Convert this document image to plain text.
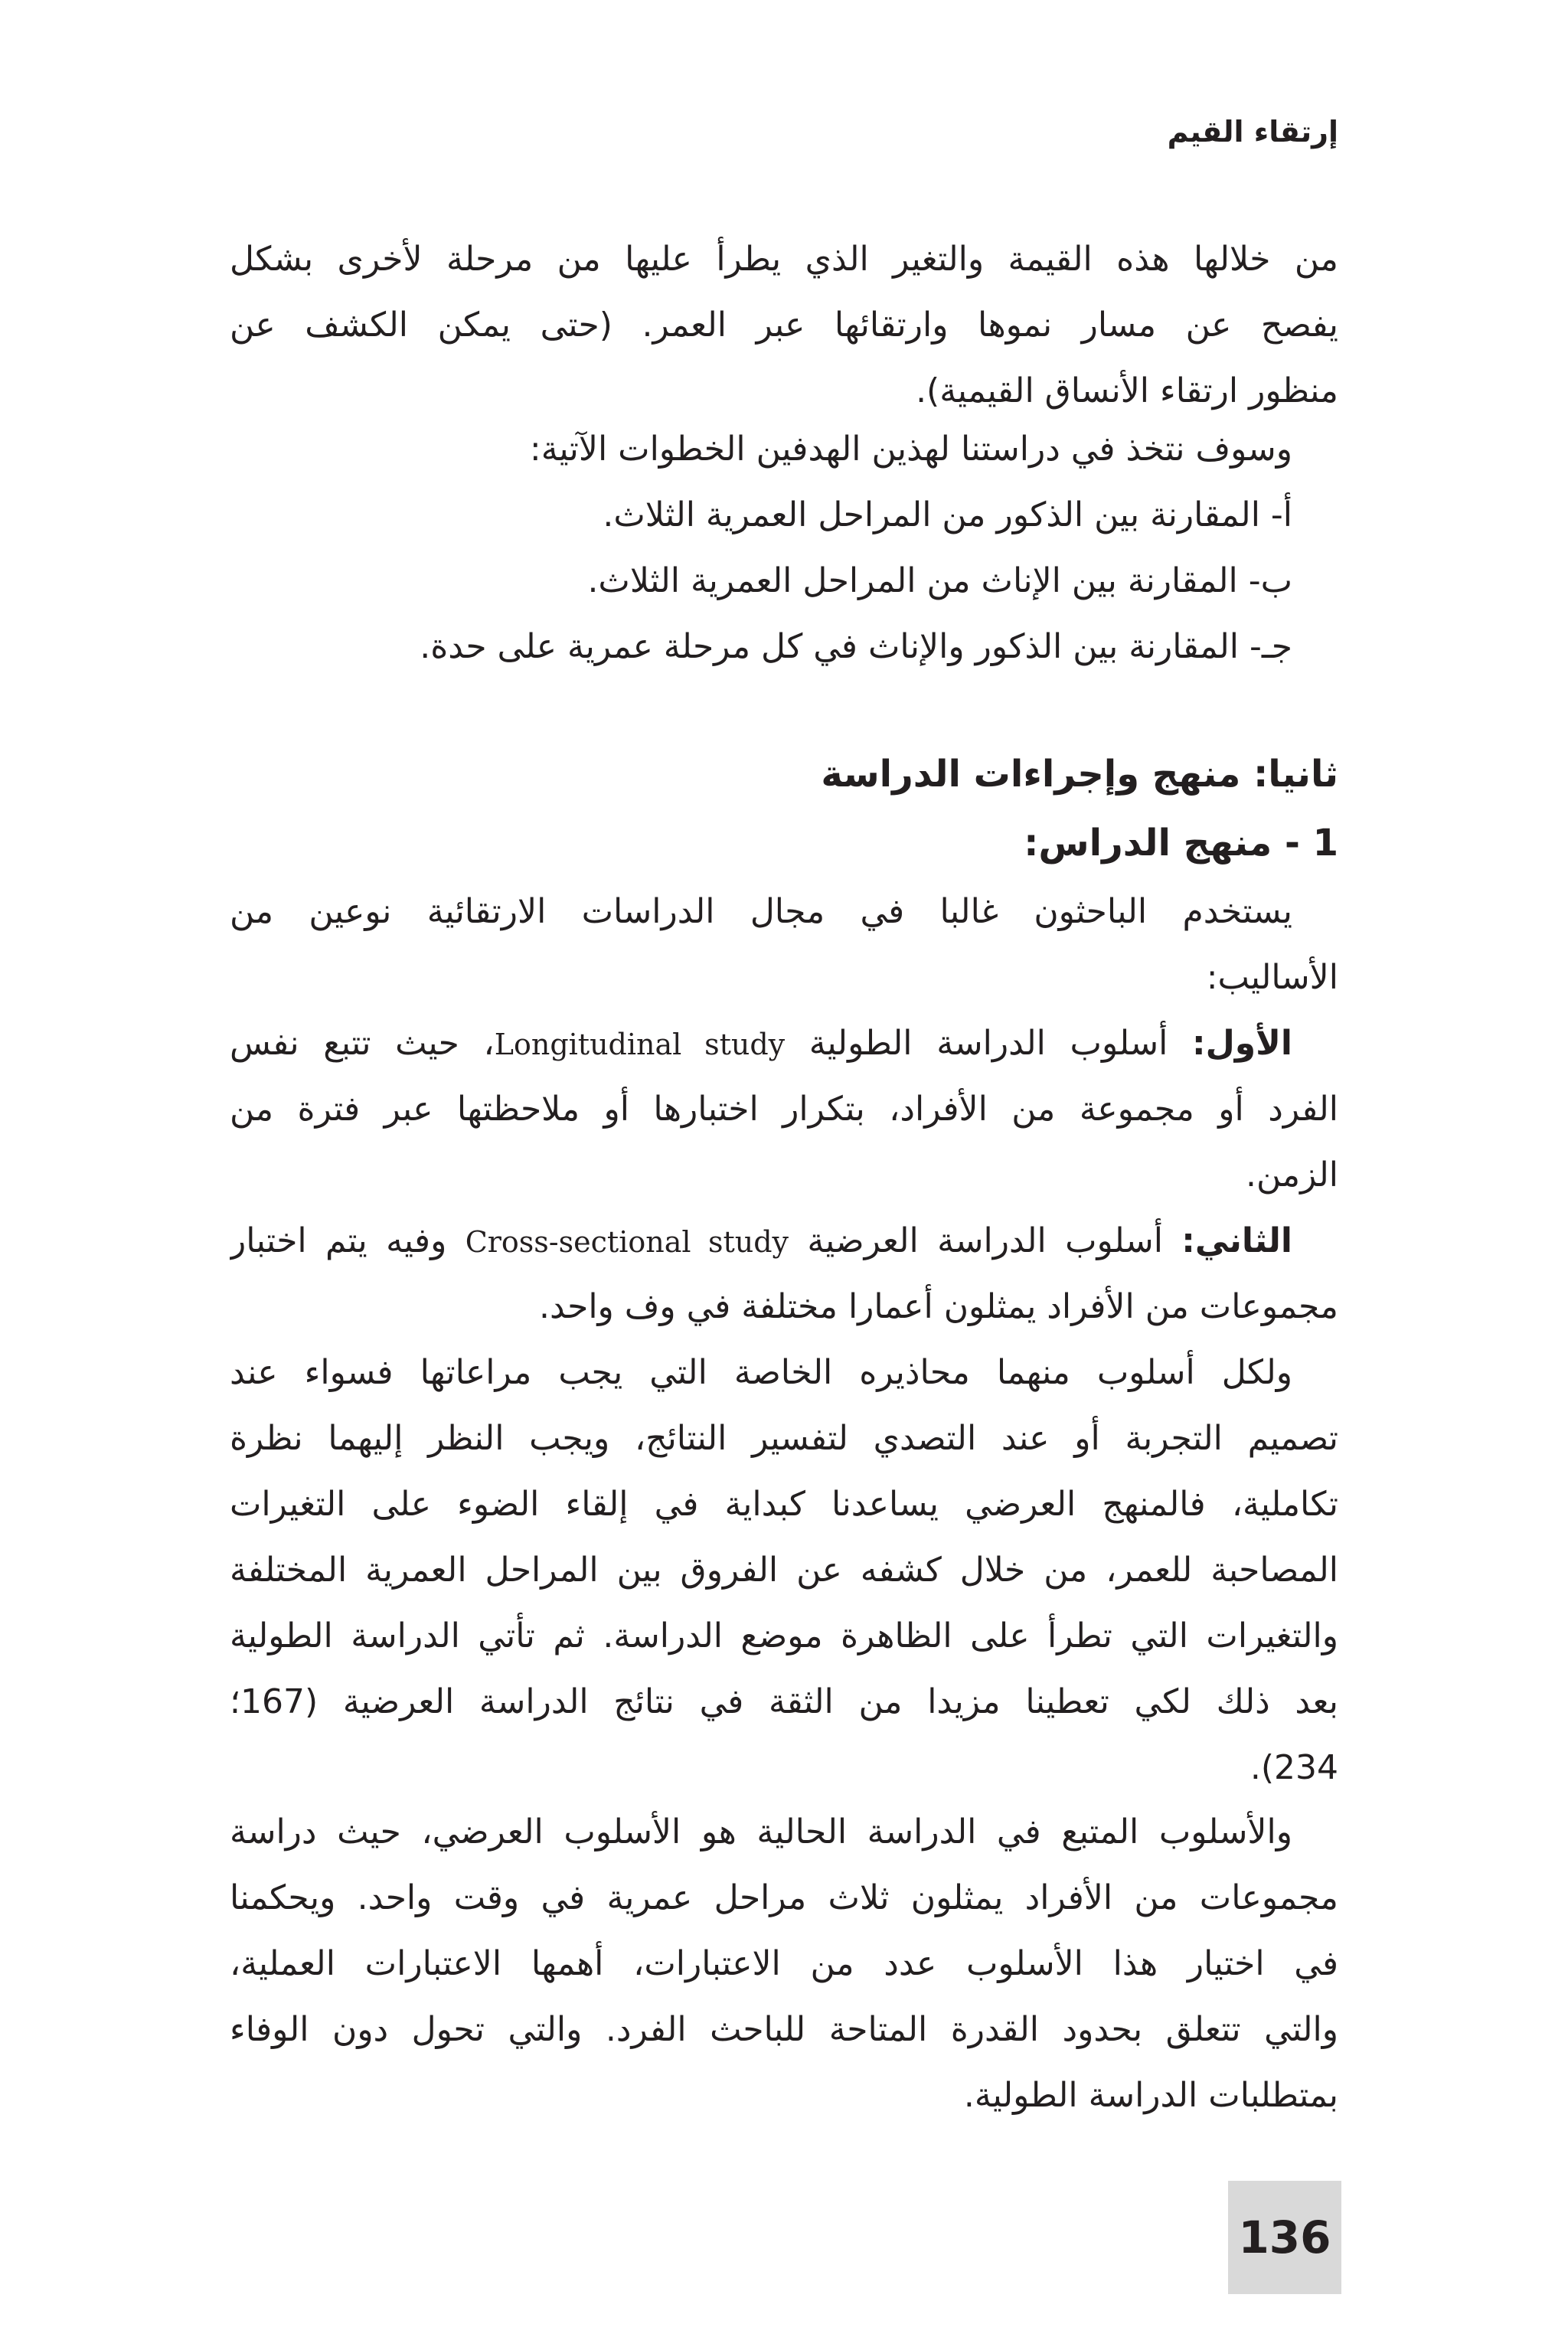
إرتقاء القيم
من خلالها هذه القيمة والتغير الذي يطرأ عليها من مرحلة لأخرى بشكل
يفصح عن مسار نموها وارتقائها عبر العمر. (حتى يمكن الكشف عن
منظور ارتقاء الأنساق القيمية).
وسوف نتخذ في دراستنا لهذين الهدفين الخطوات الآتية:
أ- المقارنة بين الذكور من المراحل العمرية الثلاث.
ب- المقارنة بين الإناث من المراحل العمرية الثلاث.
جـ- المقارنة بين الذكور والإناث في كل مرحلة عمرية على حدة.
ثانيا: منهج وإجراءات الدراسة
1 - منهج الدراس:
يستخدم الباحثون غالبا في مجال الدراسات الارتقائية نوعين من
الأساليب:
الأول: أسلوب الدراسة الطولية Longitudinal study، حيث تتبع نفس
الفرد أو مجموعة من الأفراد، بتكرار اختبارها أو ملاحظتها عبر فترة من
الزمن.
الثاني: أسلوب الدراسة العرضية Cross-sectional study وفيه يتم اختبار
مجموعات من الأفراد يمثلون أعمارا مختلفة في وف واحد.
ولكل أسلوب منهما محاذيره الخاصة التي يجب مراعاتها فسواء عند
تصميم التجربة أو عند التصدي لتفسير النتائج، ويجب النظر إليهما نظرة
تكاملية، فالمنهج العرضي يساعدنا كبداية في إلقاء الضوء على التغيرات
المصاحبة للعمر، من خلال كشفه عن الفروق بين المراحل العمرية المختلفة
والتغيرات التي تطرأ على الظاهرة موضع الدراسة. ثم تأتي الدراسة الطولية
بعد ذلك لكي تعطينا مزيدا من الثقة في نتائج الدراسة العرضية (167؛
234).
والأسلوب المتبع في الدراسة الحالية هو الأسلوب العرضي، حيث دراسة
مجموعات من الأفراد يمثلون ثلاث مراحل عمرية في وقت واحد. ويحكمنا
في اختيار هذا الأسلوب عدد من الاعتبارات، أهمها الاعتبارات العملية،
والتي تتعلق بحدود القدرة المتاحة للباحث الفرد. والتي تحول دون الوفاء
بمتطلبات الدراسة الطولية.
136
